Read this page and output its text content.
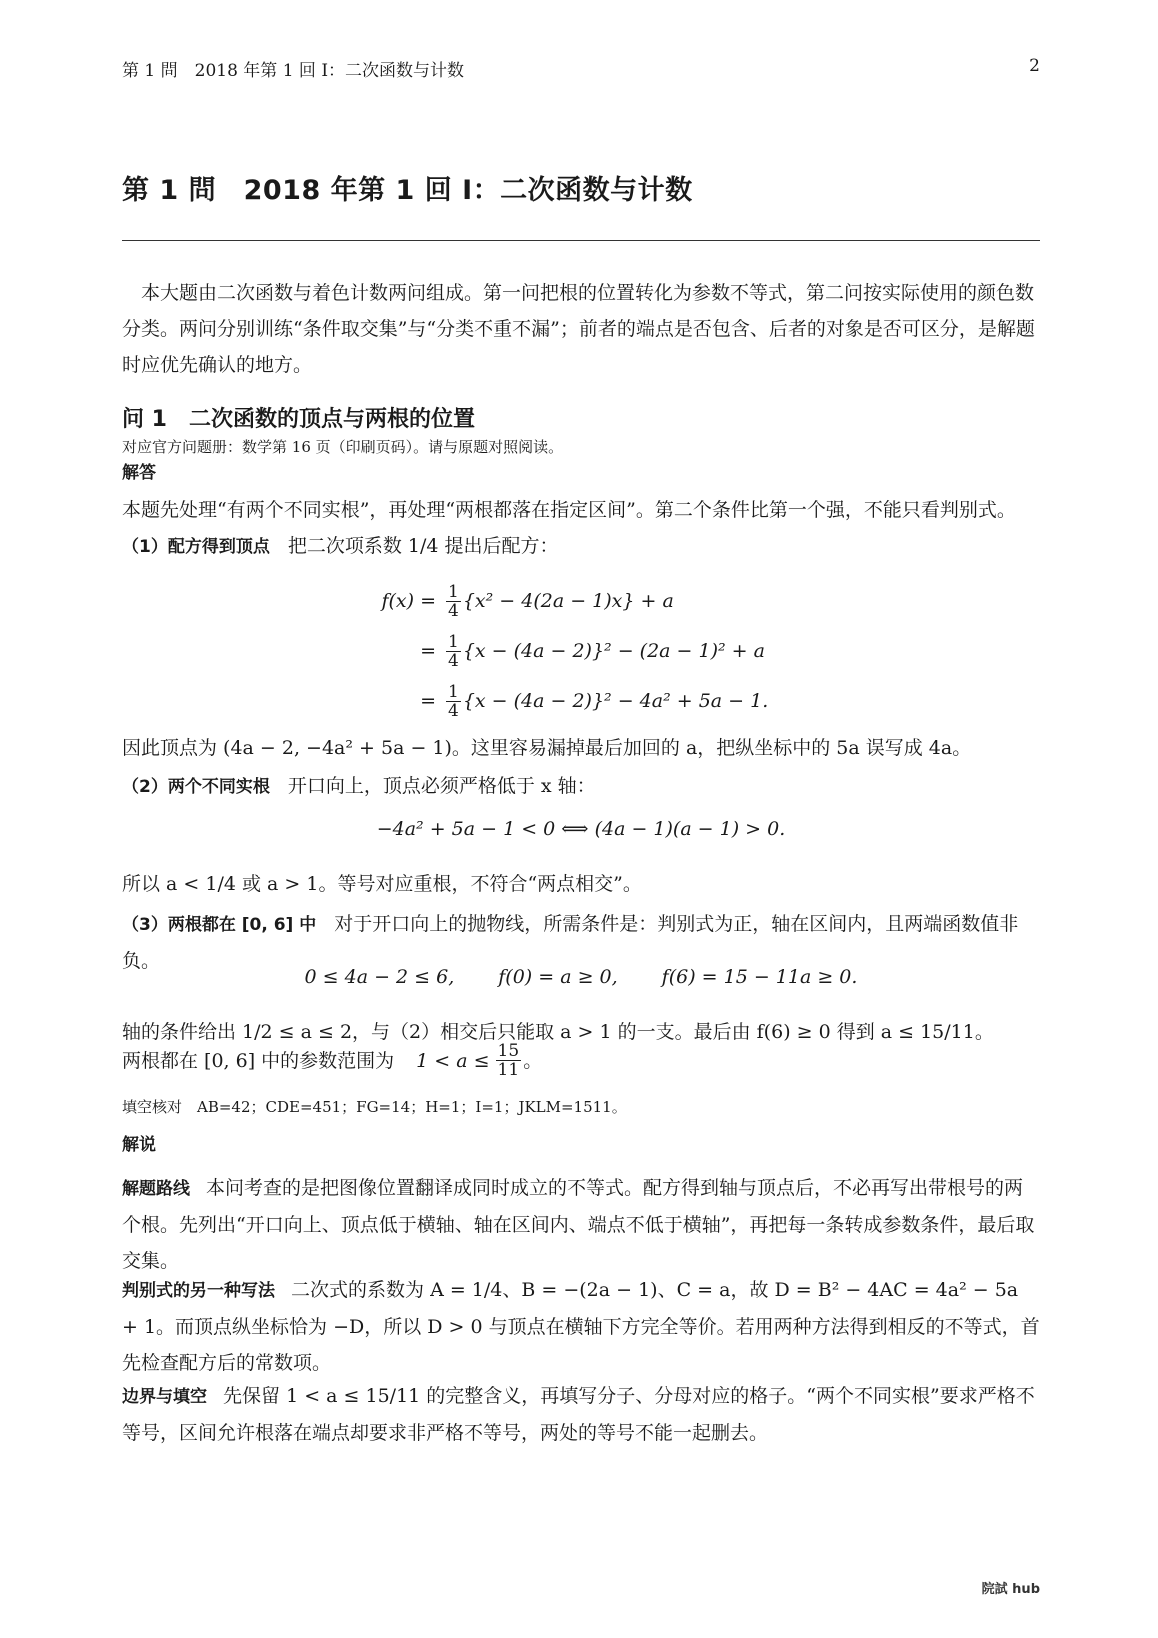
第 1 問　2018 年第 1 回 I：二次函数与计数	2
第 1 問　2018 年第 1 回 I：二次函数与计数
本大题由二次函数与着色计数两问组成。第一问把根的位置转化为参数不等式，第二问按实际使用的颜色数分类。两问分别训练“条件取交集”与“分类不重不漏”；前者的端点是否包含、后者的对象是否可区分，是解题时应优先确认的地方。
问 1　二次函数的顶点与两根的位置
对应官方问题册：数学第 16 页（印刷页码）。请与原题对照阅读。
解答
本题先处理“有两个不同实根”，再处理“两根都落在指定区间”。第二个条件比第一个强，不能只看判别式。
（1）配方得到顶点 把二次项系数 1/4 提出后配方：
$f(x) = \frac{1}{4} \{x^2 - 4(2a - 1)x\} + a$
= $\frac{1}{4} \{x - (4a - 2)\}^2 - (2a - 1)^2 + a$
= $\frac{1}{4} \{x - (4a - 2)\}^2 - 4a^2 + 5a - 1$.
因此顶点为 (4a − 2, −4a² + 5a − 1)。这里容易漏掉最后加回的 a，把纵坐标中的 5a 误写成 4a。
（2）两个不同实根 开口向上，顶点必须严格低于 x 轴：
−4a² + 5a − 1 < 0 ⟺ (4a − 1)(a − 1) > 0.
所以 a < 1/4 或 a > 1。等号对应重根，不符合“两点相交”。
（3）两根都在 [0, 6] 中 对于开口向上的抛物线，所需条件是：判别式为正，轴在区间内，且两端函数值非负。
0 ≤ 4a − 2 ≤ 6, f(0) = a ≥ 0, f(6) = 15 − 11a ≥ 0.
轴的条件给出 1/2 ≤ a ≤ 2，与（2）相交后只能取 a > 1 的一支。最后由 f(6) ≥ 0 得到 a ≤ 15/11。
两根都在 [0, 6] 中的参数范围为 $1 < a \le \frac{15}{11}$ 。
填空核对　AB=42；CDE=451；FG=14；H=1；I=1；JKLM=1511。
解说
解题路线 本问考查的是把图像位置翻译成同时成立的不等式。配方得到轴与顶点后，不必再写出带根号的两个根。先列出“开口向上、顶点低于横轴、轴在区间内、端点不低于横轴”，再把每一条转成参数条件，最后取交集。
判别式的另一种写法 二次式的系数为 A = 1/4、B = −(2a − 1)、C = a，故 D = B² − 4AC = 4a² − 5a + 1。而顶点纵坐标恰为 −D，所以 D > 0 与顶点在横轴下方完全等价。若用两种方法得到相反的不等式，首先检查配方后的常数项。
边界与填空 先保留 1 < a ≤ 15/11 的完整含义，再填写分子、分母对应的格子。“两个不同实根”要求严格不等号，区间允许根落在端点却要求非严格不等号，两处的等号不能一起删去。
院試 hub
